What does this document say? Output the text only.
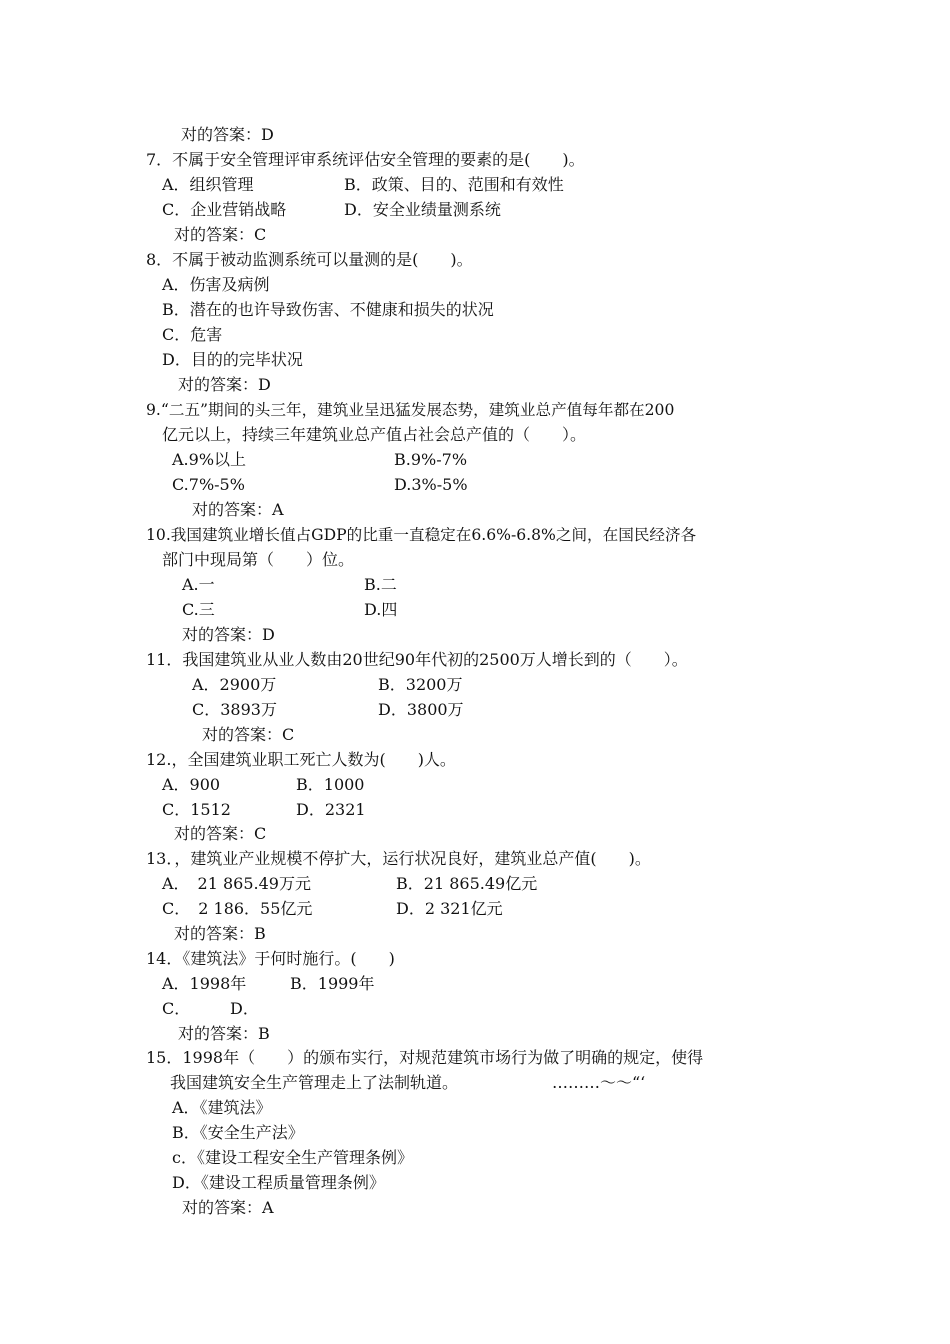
对的答案：D
7．不属于安全管理评审系统评估安全管理的要素的是(　　)。
A．组织管理	B．政策、目的、范围和有效性
C．企业营销战略	D．安全业绩量测系统
对的答案：C
8．不属于被动监测系统可以量测的是(　　)。
A．伤害及病例
B．潜在的也许导致伤害、不健康和损失的状况
C．危害
D．目的的完毕状况
对的答案：D
9.“二五”期间的头三年，建筑业呈迅猛发展态势，建筑业总产值每年都在200
亿元以上，持续三年建筑业总产值占社会总产值的（　　）。
A.9%以上	B.9%-7%
C.7%-5%	D.3%-5%
对的答案：A
10.我国建筑业增长值占GDP的比重一直稳定在6.6%-6.8%之间，在国民经济各
部门中现局第（　　）位。
A.一	B.二
C.三	D.四
对的答案：D
11．我国建筑业从业人数由20世纪90年代初的2500万人增长到的（　　）。
A．2900万	B．3200万
C．3893万	D．3800万
对的答案：C
12.，全国建筑业职工死亡人数为(　　)人。
A．900	B．1000
C．1512	D．2321
对的答案：C
13．，建筑业产业规模不停扩大，运行状况良好，建筑业总产值(　　)。
A．　21 865.49万元	B．21 865.49亿元
C．　2 186．55亿元	D．2 321亿元
对的答案：B
14．《建筑法》于何时施行。(　　)
A．1998年	B．1999年
C． D．
对的答案：B
15．1998年（　　）的颁布实行，对规范建筑市场行为做了明确的规定，使得
我国建筑安全生产管理走上了法制轨道。	………～～“‘
A．《建筑法》
B．《安全生产法》
c．《建设工程安全生产管理条例》
D．《建设工程质量管理条例》
对的答案：A
